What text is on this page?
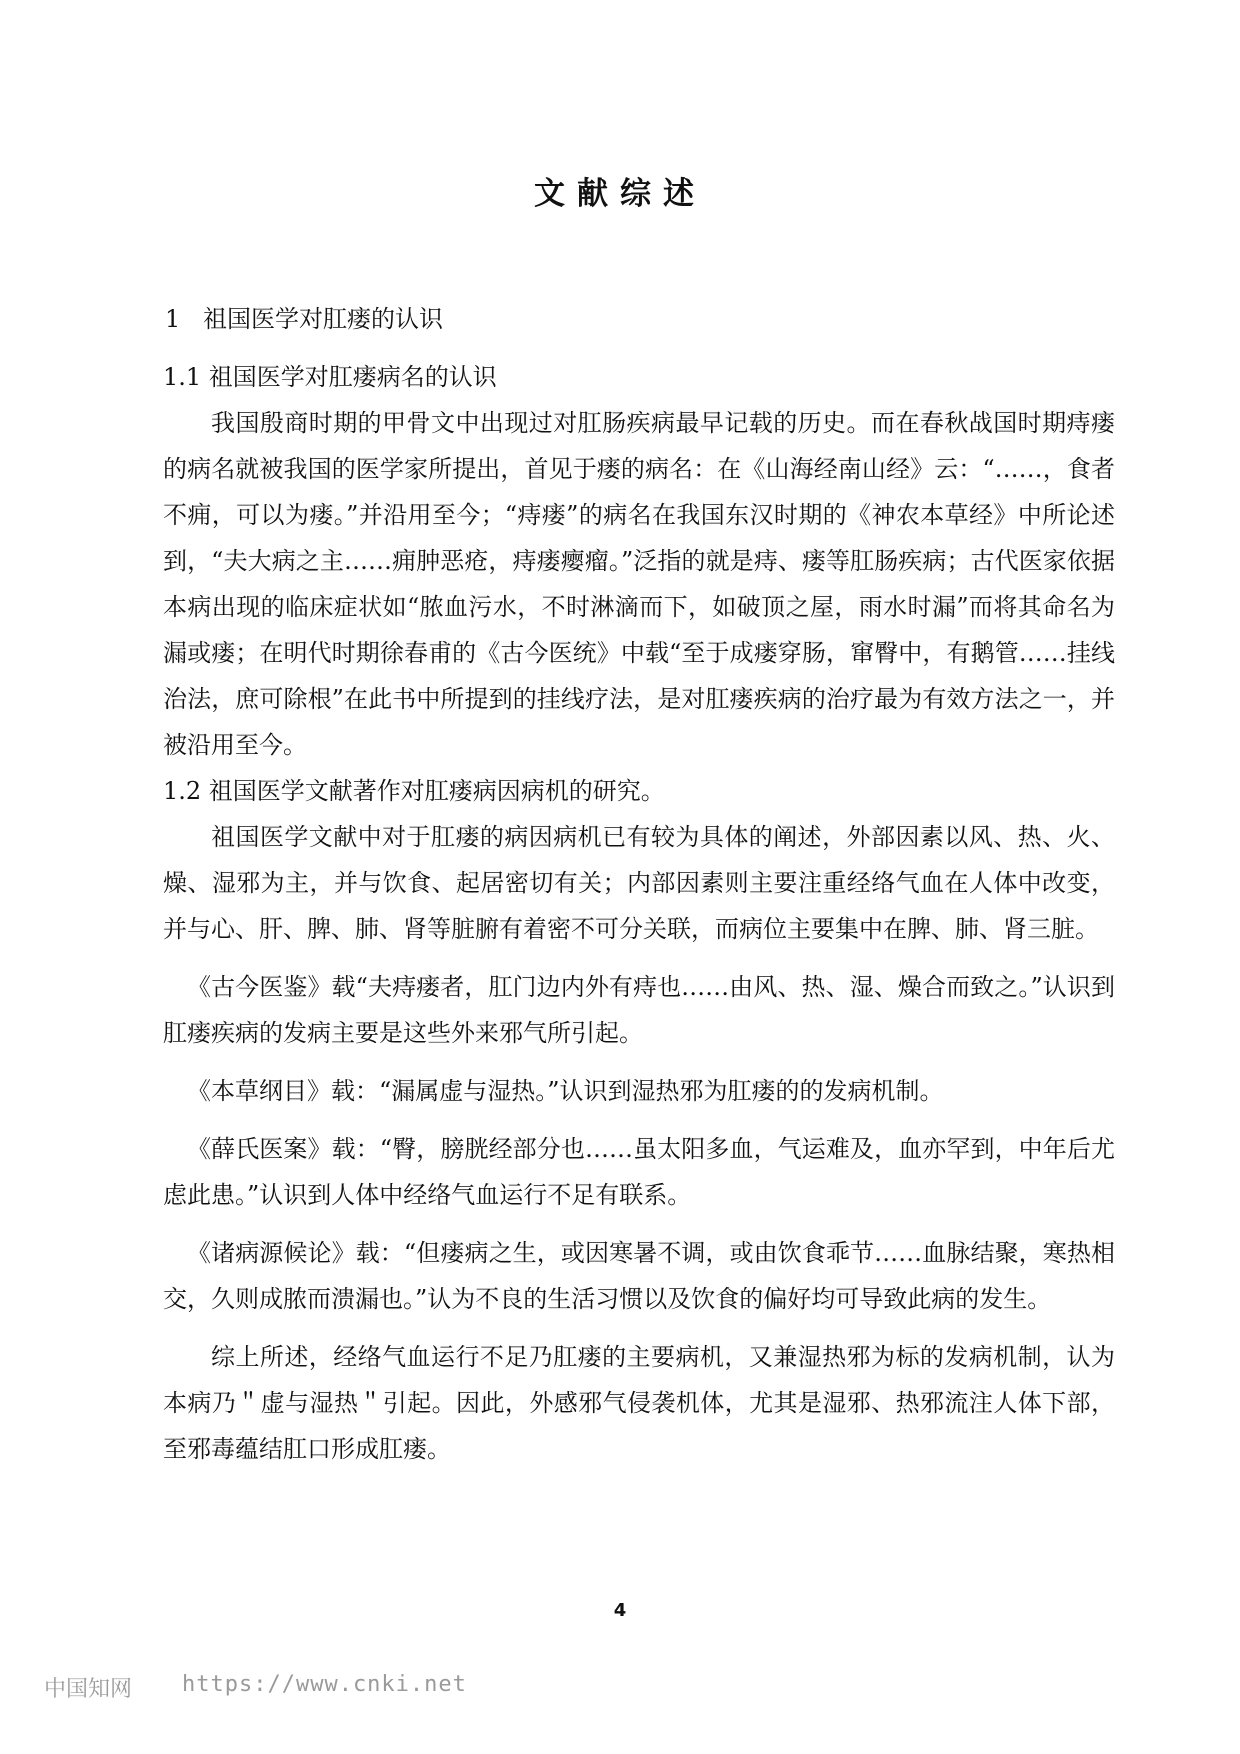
文献综述
1 祖国医学对肛瘘的认识
1.1 祖国医学对肛瘘病名的认识

我国殷商时期的甲骨文中出现过对肛肠疾病最早记载的历史。而在春秋战国时期痔瘘的病名就被我国的医学家所提出，首见于瘘的病名：在《山海经南山经》云：“……，食者不痈，可以为瘘。”并沿用至今；“痔瘘”的病名在我国东汉时期的《神农本草经》中所论述到，“夫大病之主……痈肿恶疮，痔瘘瘿瘤。”泛指的就是痔、瘘等肛肠疾病；古代医家依据本病出现的临床症状如“脓血污水，不时淋滴而下，如破顶之屋，雨水时漏”而将其命名为漏或瘘；在明代时期徐春甫的《古今医统》中载“至于成瘘穿肠，窜臀中，有鹅管……挂线治法，庶可除根”在此书中所提到的挂线疗法，是对肛瘘疾病的治疗最为有效方法之一，并被沿用至今。

1.2 祖国医学文献著作对肛瘘病因病机的研究。

祖国医学文献中对于肛瘘的病因病机已有较为具体的阐述，外部因素以风、热、火、燥、湿邪为主，并与饮食、起居密切有关；内部因素则主要注重经络气血在人体中改变，并与心、肝、脾、肺、肾等脏腑有着密不可分关联，而病位主要集中在脾、肺、肾三脏。

《古今医鉴》载“夫痔瘘者，肛门边内外有痔也……由风、热、湿、燥合而致之。”认识到肛瘘疾病的发病主要是这些外来邪气所引起。

《本草纲目》载：“漏属虚与湿热。”认识到湿热邪为肛瘘的的发病机制。

《薛氏医案》载：“臀，膀胱经部分也……虽太阳多血，气运难及，血亦罕到，中年后尤虑此患。”认识到人体中经络气血运行不足有联系。

《诸病源候论》载：“但瘘病之生，或因寒暑不调，或由饮食乖节……血脉结聚，寒热相交，久则成脓而溃漏也。”认为不良的生活习惯以及饮食的偏好均可导致此病的发生。

综上所述，经络气血运行不足乃肛瘘的主要病机，又兼湿热邪为标的发病机制，认为本病乃＂虚与湿热＂引起。因此，外感邪气侵袭机体，尤其是湿邪、热邪流注人体下部，至邪毒蕴结肛口形成肛瘘。

4
中国知网 https://www.cnki.net
